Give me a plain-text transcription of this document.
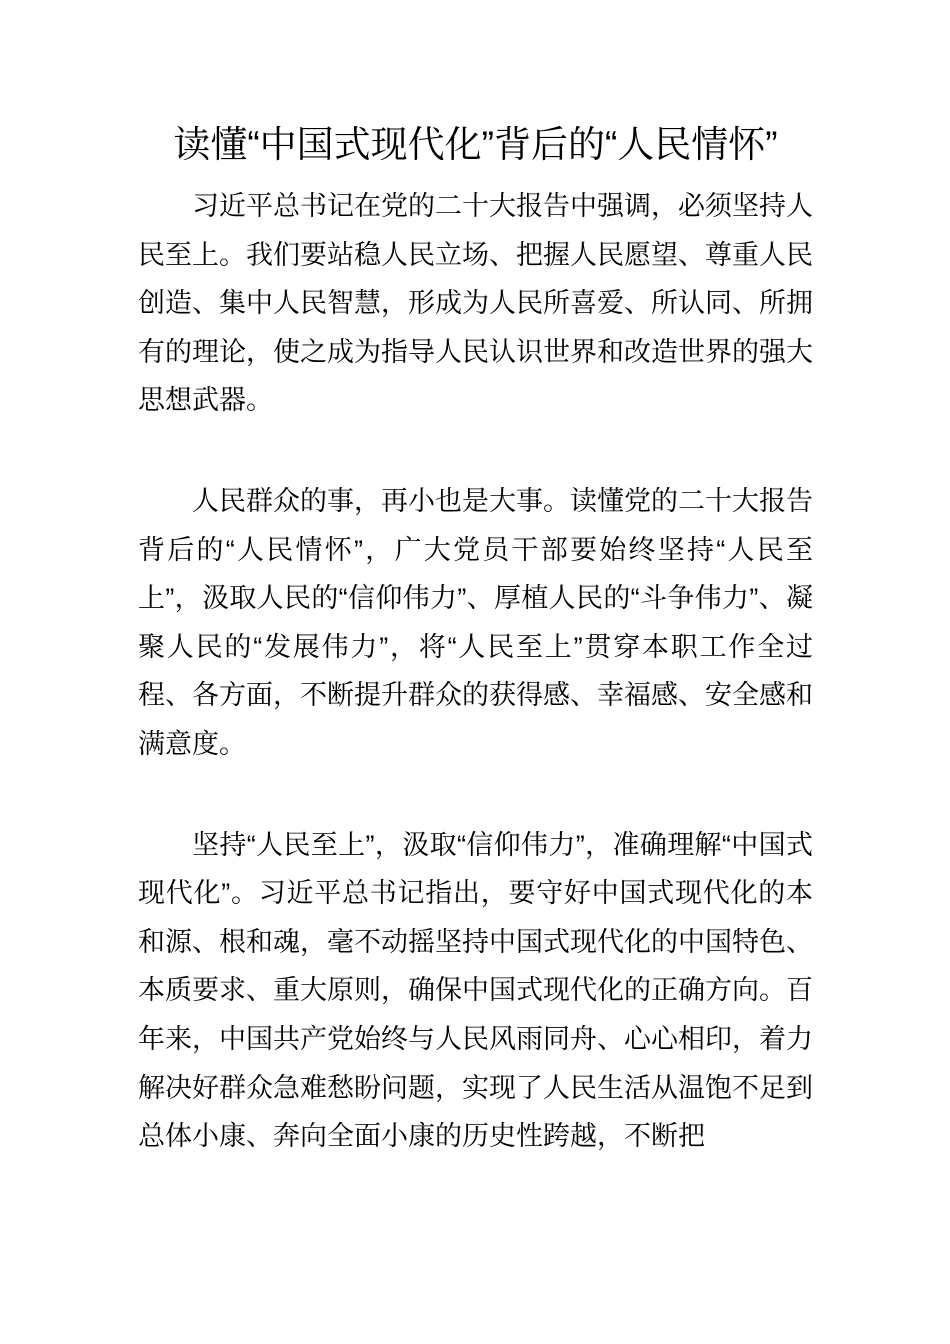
读懂“中国式现代化”背后的“人民情怀”

习近平总书记在党的二十大报告中强调，必须坚持人民至上。我们要站稳人民立场、把握人民愿望、尊重人民创造、集中人民智慧，形成为人民所喜爱、所认同、所拥有的理论，使之成为指导人民认识世界和改造世界的强大思想武器。

人民群众的事，再小也是大事。读懂党的二十大报告背后的“人民情怀”，广大党员干部要始终坚持“人民至上”，汲取人民的“信仰伟力”、厚植人民的“斗争伟力”、凝聚人民的“发展伟力”，将“人民至上”贯穿本职工作全过程、各方面，不断提升群众的获得感、幸福感、安全感和满意度。

坚持“人民至上”，汲取“信仰伟力”，准确理解“中国式现代化”。习近平总书记指出，要守好中国式现代化的本和源、根和魂，毫不动摇坚持中国式现代化的中国特色、本质要求、重大原则，确保中国式现代化的正确方向。百年来，中国共产党始终与人民风雨同舟、心心相印，着力解决好群众急难愁盼问题，实现了人民生活从温饱不足到总体小康、奔向全面小康的历史性跨越，不断把
